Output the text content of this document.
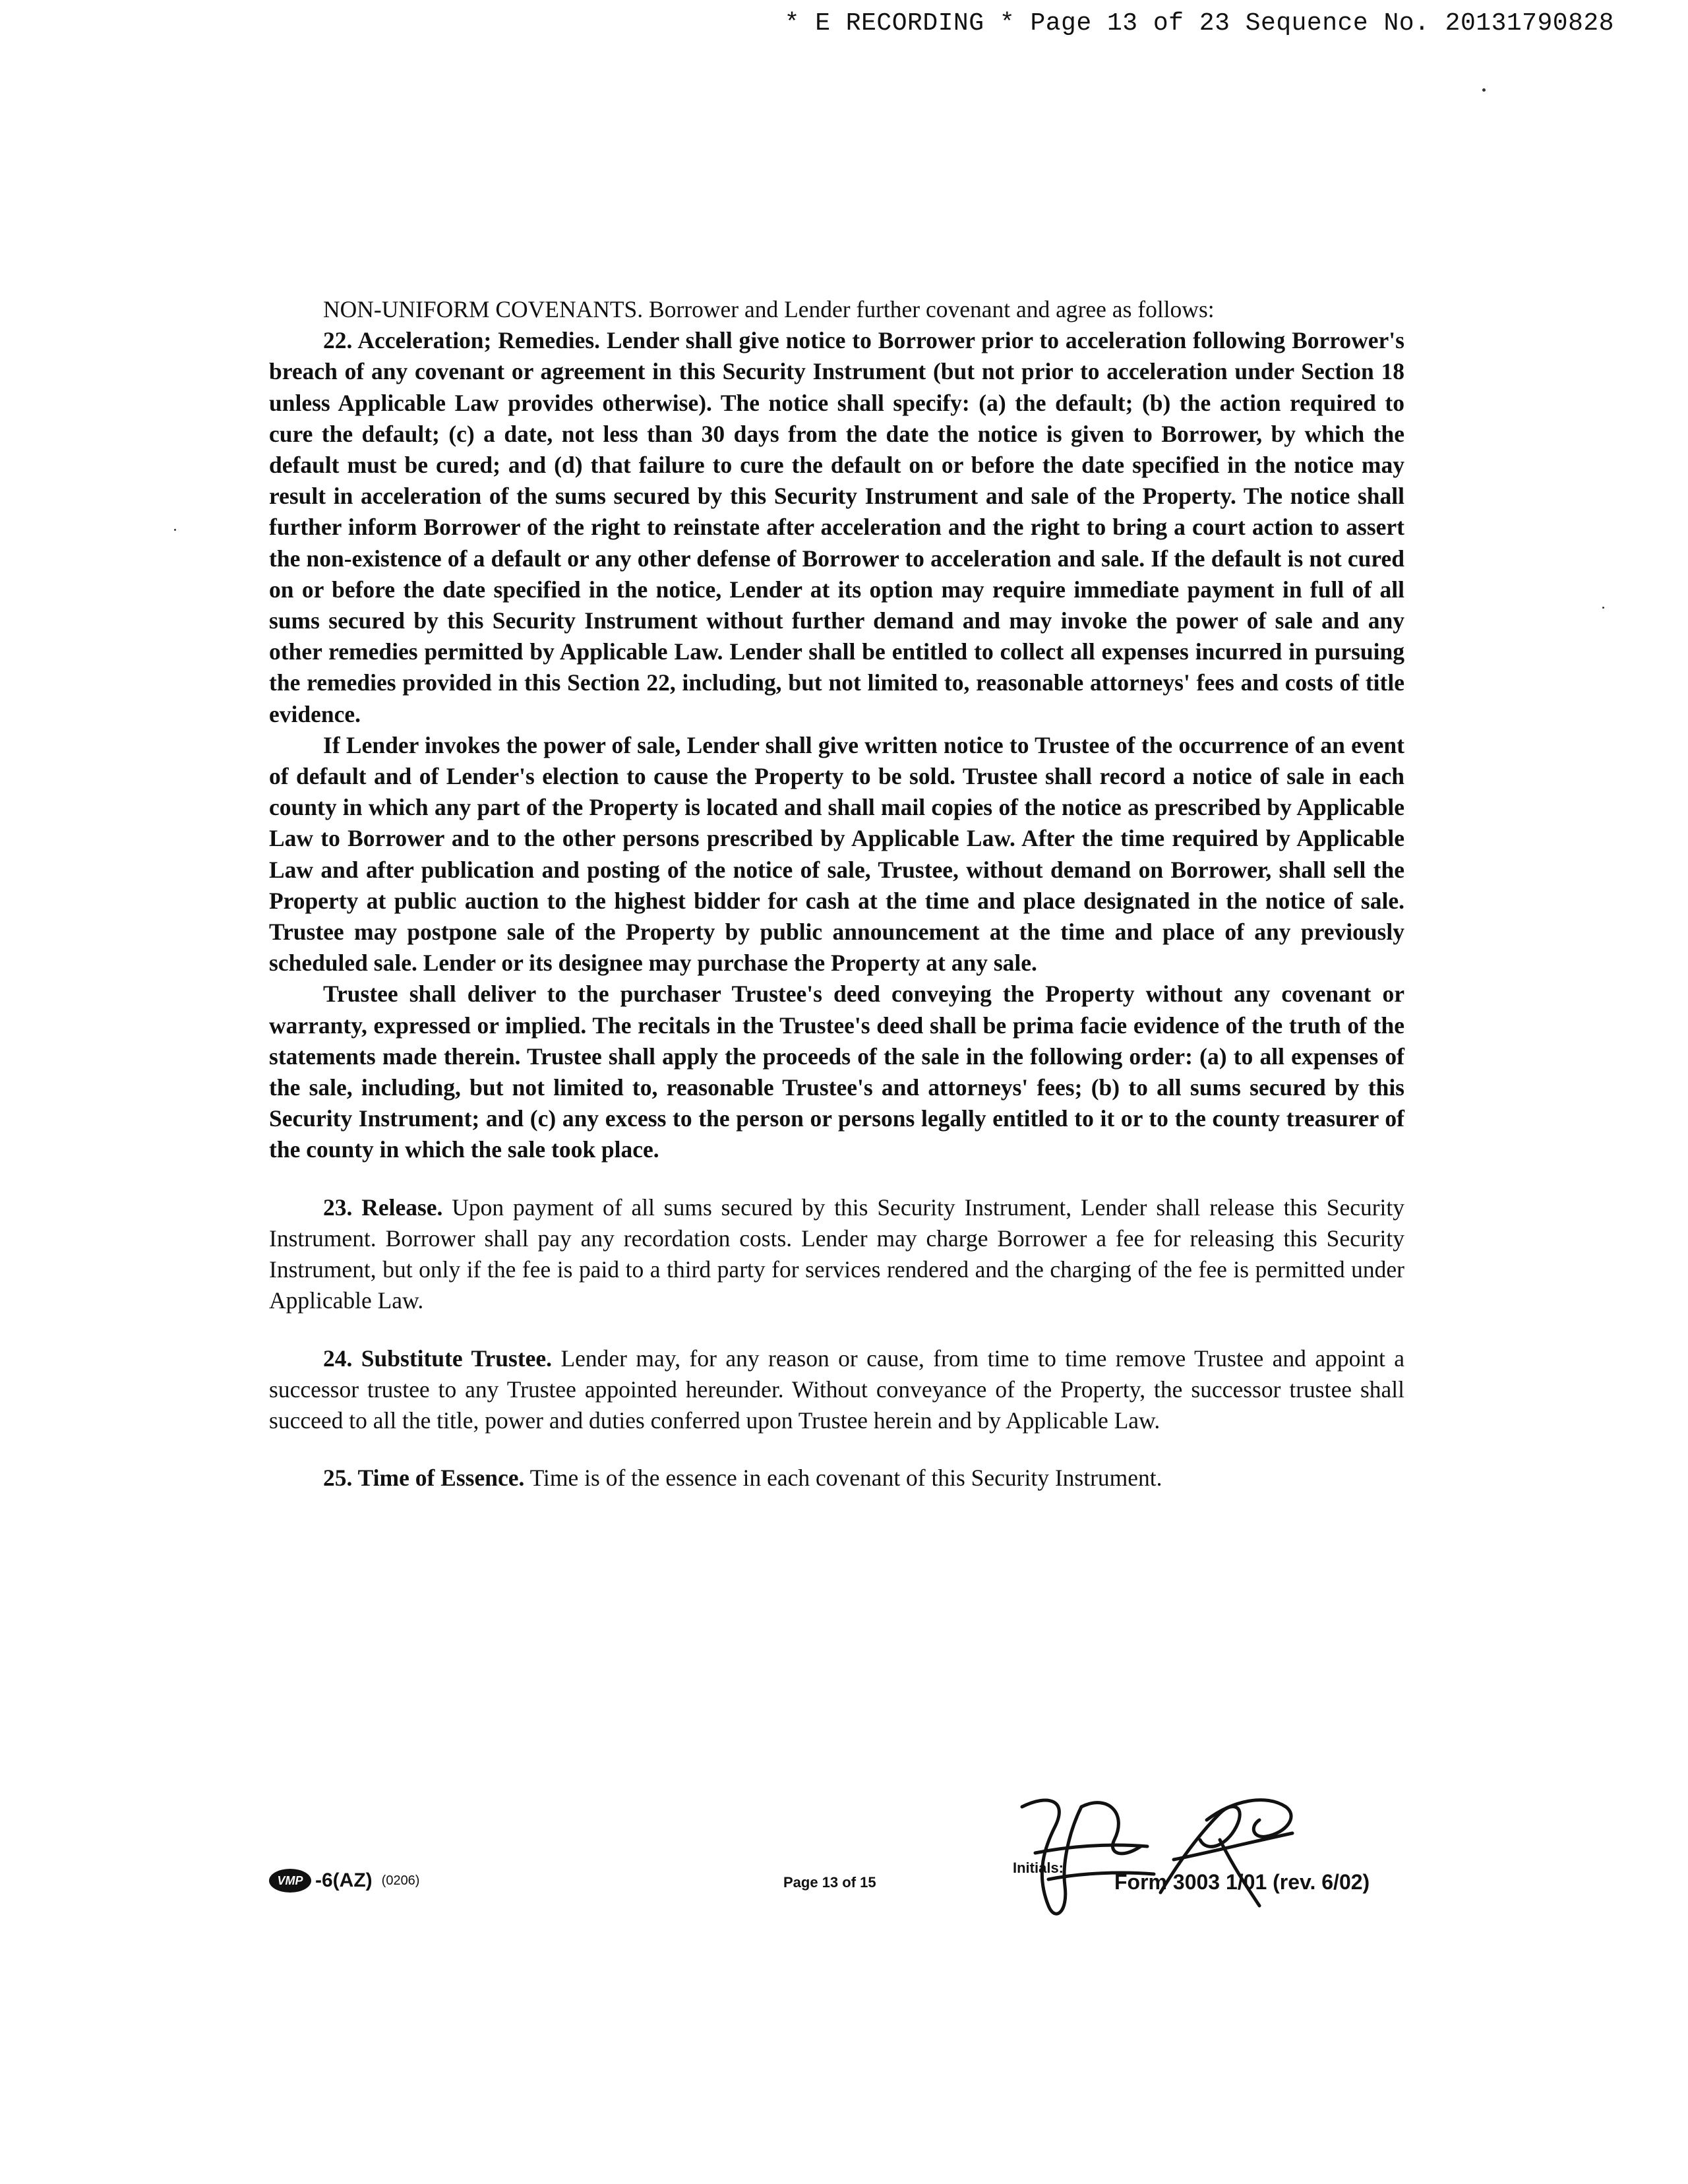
* E RECORDING * Page 13 of 23 Sequence No. 20131790828

NON-UNIFORM COVENANTS. Borrower and Lender further covenant and agree as follows:

22. Acceleration; Remedies. Lender shall give notice to Borrower prior to acceleration following Borrower's breach of any covenant or agreement in this Security Instrument (but not prior to acceleration under Section 18 unless Applicable Law provides otherwise). The notice shall specify: (a) the default; (b) the action required to cure the default; (c) a date, not less than 30 days from the date the notice is given to Borrower, by which the default must be cured; and (d) that failure to cure the default on or before the date specified in the notice may result in acceleration of the sums secured by this Security Instrument and sale of the Property. The notice shall further inform Borrower of the right to reinstate after acceleration and the right to bring a court action to assert the non-existence of a default or any other defense of Borrower to acceleration and sale. If the default is not cured on or before the date specified in the notice, Lender at its option may require immediate payment in full of all sums secured by this Security Instrument without further demand and may invoke the power of sale and any other remedies permitted by Applicable Law. Lender shall be entitled to collect all expenses incurred in pursuing the remedies provided in this Section 22, including, but not limited to, reasonable attorneys' fees and costs of title evidence.

If Lender invokes the power of sale, Lender shall give written notice to Trustee of the occurrence of an event of default and of Lender's election to cause the Property to be sold. Trustee shall record a notice of sale in each county in which any part of the Property is located and shall mail copies of the notice as prescribed by Applicable Law to Borrower and to the other persons prescribed by Applicable Law. After the time required by Applicable Law and after publication and posting of the notice of sale, Trustee, without demand on Borrower, shall sell the Property at public auction to the highest bidder for cash at the time and place designated in the notice of sale. Trustee may postpone sale of the Property by public announcement at the time and place of any previously scheduled sale. Lender or its designee may purchase the Property at any sale.

Trustee shall deliver to the purchaser Trustee's deed conveying the Property without any covenant or warranty, expressed or implied. The recitals in the Trustee's deed shall be prima facie evidence of the truth of the statements made therein. Trustee shall apply the proceeds of the sale in the following order: (a) to all expenses of the sale, including, but not limited to, reasonable Trustee's and attorneys' fees; (b) to all sums secured by this Security Instrument; and (c) any excess to the person or persons legally entitled to it or to the county treasurer of the county in which the sale took place.

23. Release. Upon payment of all sums secured by this Security Instrument, Lender shall release this Security Instrument. Borrower shall pay any recordation costs. Lender may charge Borrower a fee for releasing this Security Instrument, but only if the fee is paid to a third party for services rendered and the charging of the fee is permitted under Applicable Law.

24. Substitute Trustee. Lender may, for any reason or cause, from time to time remove Trustee and appoint a successor trustee to any Trustee appointed hereunder. Without conveyance of the Property, the successor trustee shall succeed to all the title, power and duties conferred upon Trustee herein and by Applicable Law.

25. Time of Essence. Time is of the essence in each covenant of this Security Instrument.

VMP -6(AZ) (0206)	Page 13 of 15
Initials:
Form 3003 1/01 (rev. 6/02)
